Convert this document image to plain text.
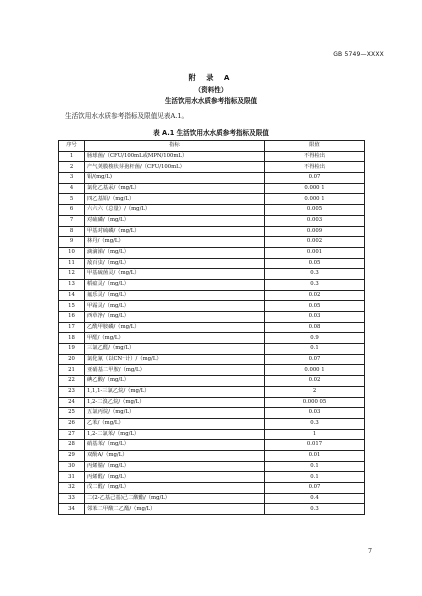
GB 5749—XXXX
附 录 A
（资料性）
生活饮用水水质参考指标及限值
生活饮用水水质参考指标及限值见表A.1。
表 A.1 生活饮用水水质参考指标及限值
序号	指标	限值
1	肠球菌/（CFU/100mL或MPN/100mL）	不得检出
2	产气荚膜梭状芽孢杆菌/（CFU/100mL）	不得检出
3	钼/(mg/L)	0.07
4	氯化乙基汞/（mg/L）	0.000 1
5	四乙基铅/（mg/L）	0.000 1
6	六六六（总量）/（mg/L）	0.005
7	对硫磷/（mg/L）	0.003
8	甲基对硫磷/（mg/L）	0.009
9	林丹/（mg/L）	0.002
10	滴滴涕/（mg/L）	0.001
11	敌百虫/（mg/L）	0.05
12	甲基硫菌灵/（mg/L）	0.3
13	稻瘟灵/（mg/L）	0.3
14	氟乐灵/（mg/L）	0.02
15	甲霜灵/（mg/L）	0.05
16	西草净/（mg/L）	0.03
17	乙酰甲胺磷/（mg/L）	0.08
18	甲醛/（mg/L）	0.9
19	三氯乙醛/（mg/L）	0.1
20	氯化氰（以CN⁻计）/（mg/L）	0.07
21	亚硝基二甲胺/（mg/L）	0.000 1
22	碘乙酸/（mg/L）	0.02
23	1,1,1-三氯乙烷/（mg/L）	2
24	1,2-二溴乙烷/（mg/L）	0.000 05
25	五氯丙烷/（mg/L）	0.03
26	乙苯/（mg/L）	0.3
27	1,2-二氯苯/（mg/L）	1
28	硝基苯/（mg/L）	0.017
29	双酚A/（mg/L）	0.01
30	丙烯腈/（mg/L）	0.1
31	丙烯醛/（mg/L）	0.1
32	戊二醛/（mg/L）	0.07
33	二(2-乙基己基)己二酸酯/（mg/L）	0.4
34	邻苯二甲酸二乙酯/（mg/L）	0.3
7
